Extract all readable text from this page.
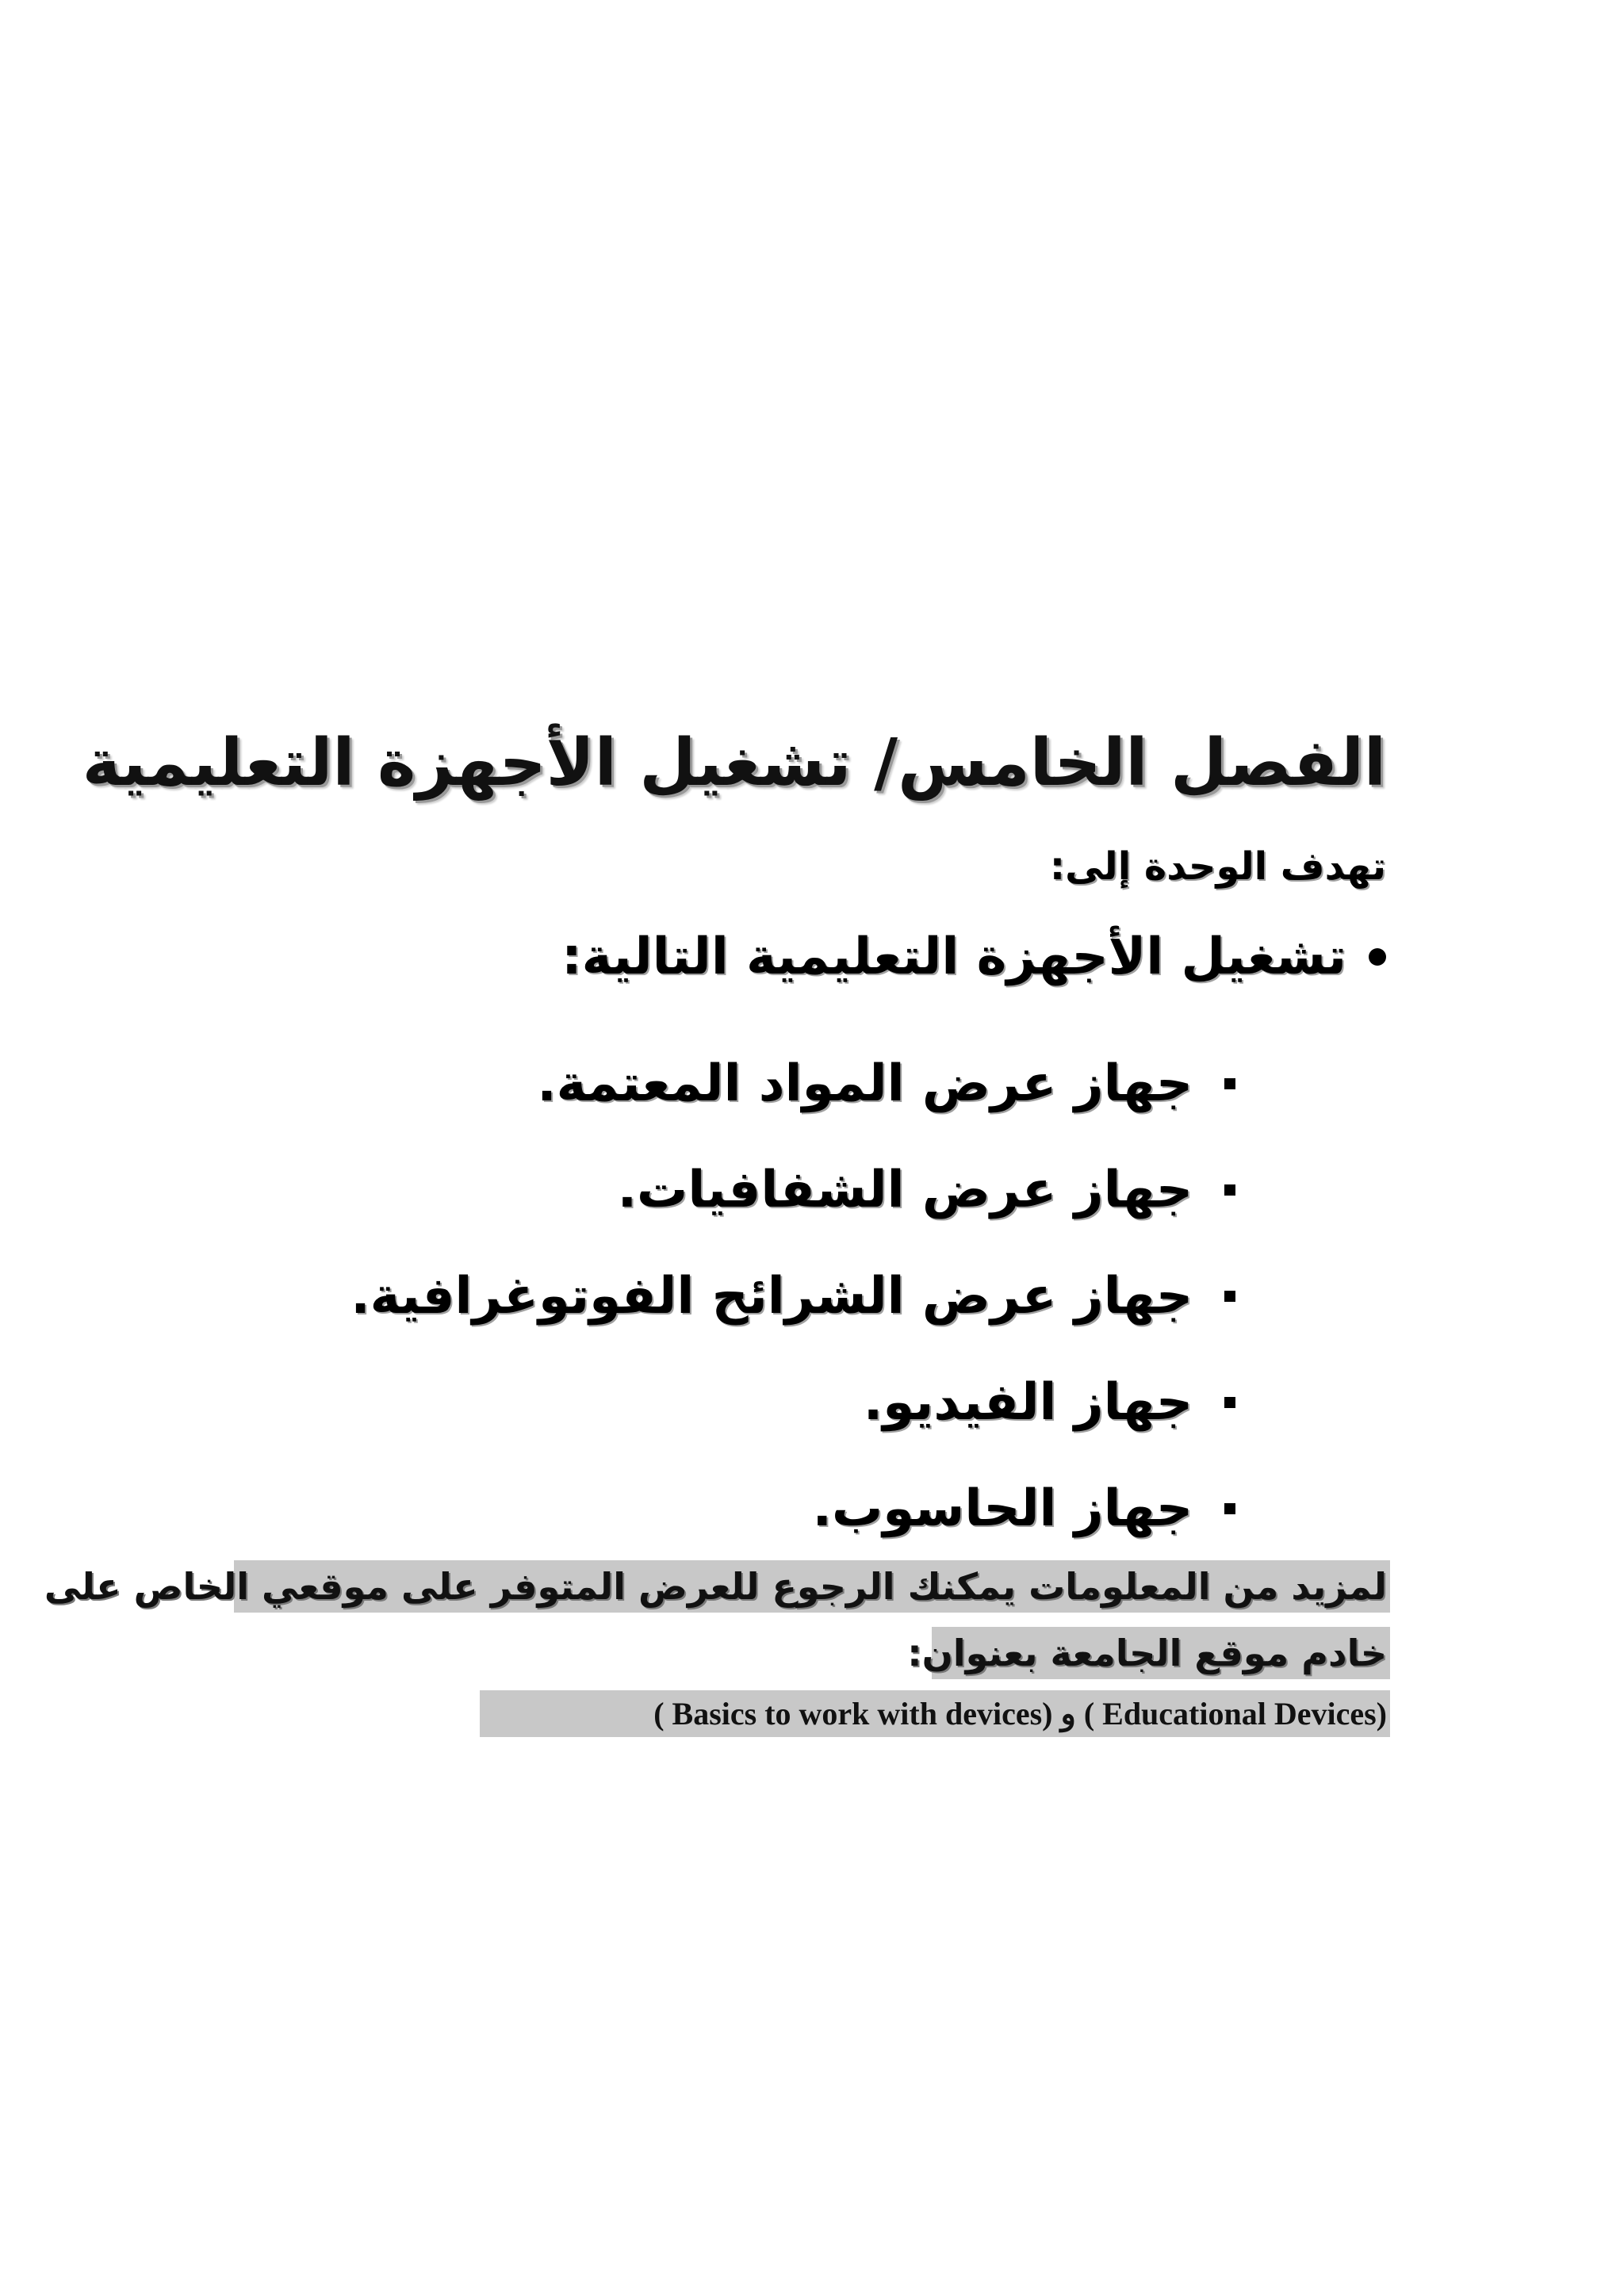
الفصل الخامس/ تشغيل الأجهزة التعليمية
تهدف الوحدة إلى:
تشغيل الأجهزة التعليمية التالية:
جهاز عرض المواد المعتمة.
جهاز عرض الشفافيات.
جهاز عرض الشرائح الفوتوغرافية.
جهاز الفيديو.
جهاز الحاسوب.
لمزيد من المعلومات يمكنك الرجوع للعرض المتوفر على موقعي الخاص على
خادم موقع الجامعة بعنوان:
( Educational Devices) و ( Basics to work with devices)
